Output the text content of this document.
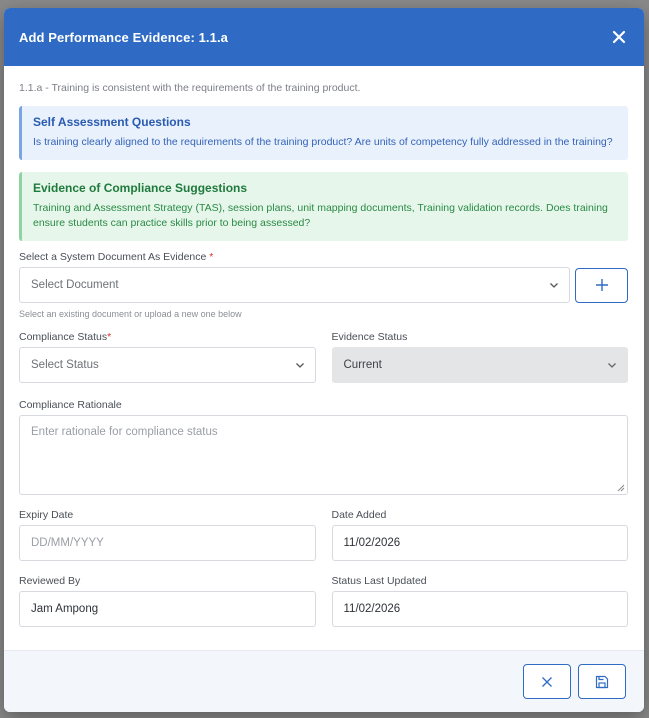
Add Performance Evidence: 1.1.a
1.1.a - Training is consistent with the requirements of the training product.
Self Assessment Questions
Is training clearly aligned to the requirements of the training product? Are units of competency fully addressed in the training?
Evidence of Compliance Suggestions
Training and Assessment Strategy (TAS), session plans, unit mapping documents, Training validation records. Does training ensure students can practice skills prior to being assessed?
Select a System Document As Evidence *
Select Document
Select an existing document or upload a new one below
Compliance Status*
Select Status
Evidence Status
Current
Compliance Rationale
Enter rationale for compliance status
Expiry Date
DD/MM/YYYY
Date Added
11/02/2026
Reviewed By
Jam Ampong
Status Last Updated
11/02/2026
